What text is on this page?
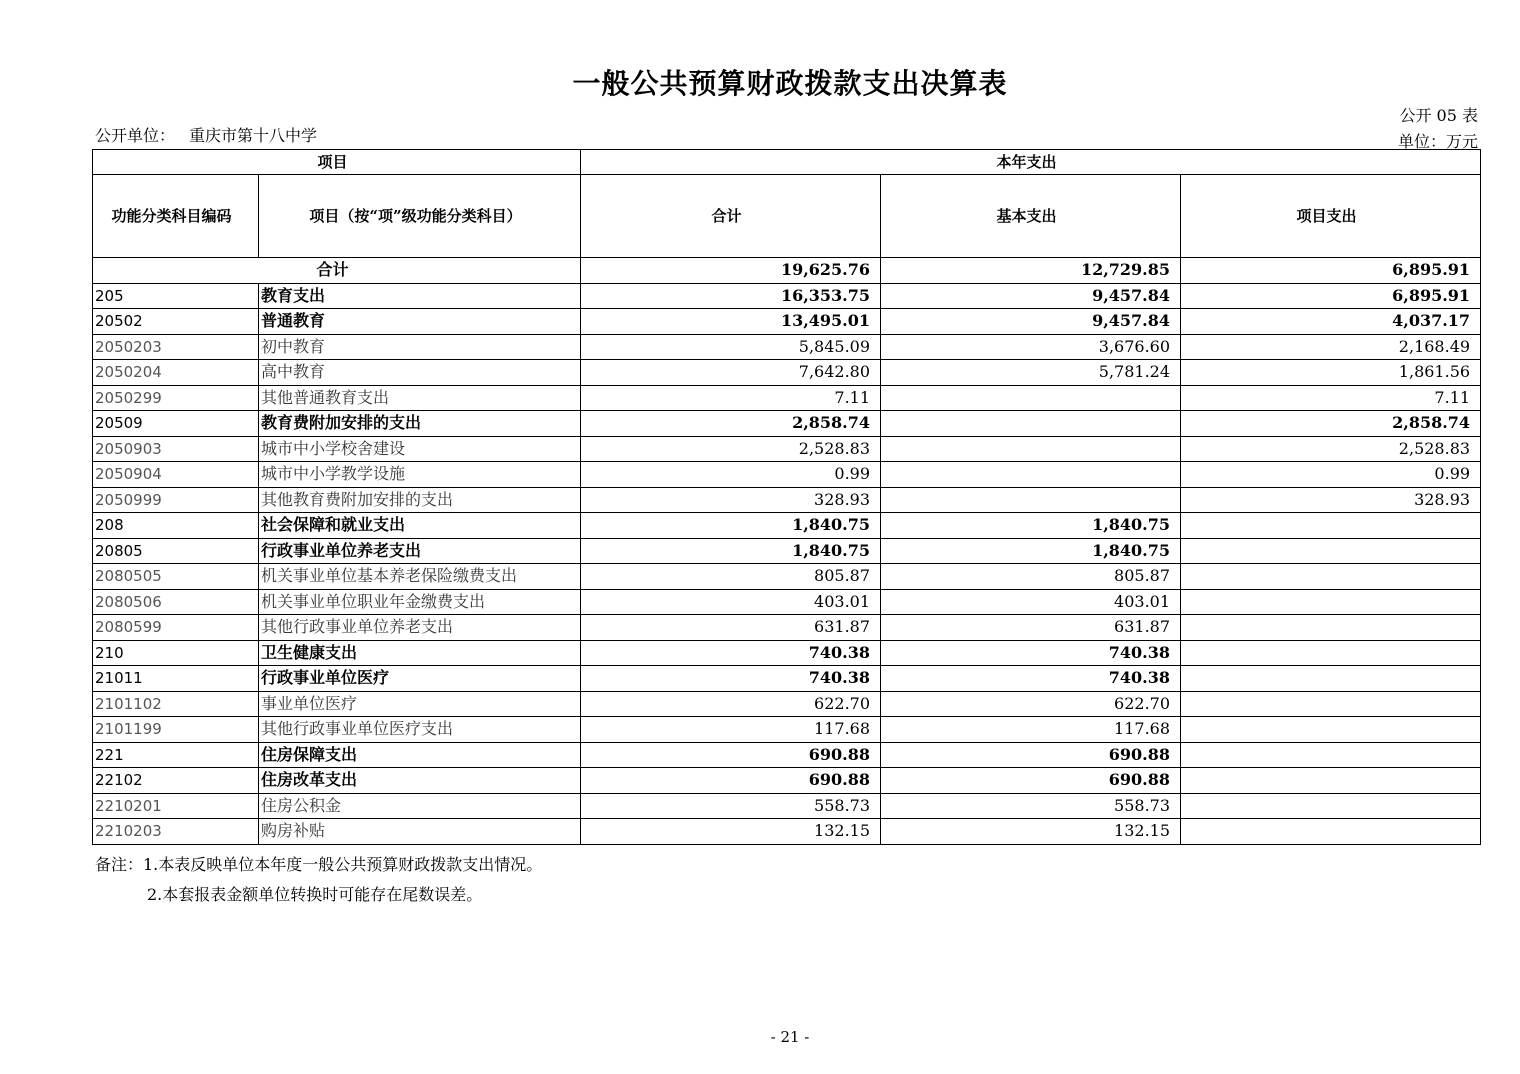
一般公共预算财政拨款支出决算表
公开单位： 重庆市第十八中学
公开 05 表
单位：万元
项目		本年支出		
功能分类科目编码	项目（按“项”级功能分类科目）	合计	基本支出	项目支出
合计		19,625.76	12,729.85	6,895.91
205	教育支出	16,353.75	9,457.84	6,895.91
20502	普通教育	13,495.01	9,457.84	4,037.17
2050203	初中教育	5,845.09	3,676.60	2,168.49
2050204	高中教育	7,642.80	5,781.24	1,861.56
2050299	其他普通教育支出	7.11		7.11
20509	教育费附加安排的支出	2,858.74		2,858.74
2050903	城市中小学校舍建设	2,528.83		2,528.83
2050904	城市中小学教学设施	0.99		0.99
2050999	其他教育费附加安排的支出	328.93		328.93
208	社会保障和就业支出	1,840.75	1,840.75	
20805	行政事业单位养老支出	1,840.75	1,840.75	
2080505	机关事业单位基本养老保险缴费支出	805.87	805.87	
2080506	机关事业单位职业年金缴费支出	403.01	403.01	
2080599	其他行政事业单位养老支出	631.87	631.87	
210	卫生健康支出	740.38	740.38	
21011	行政事业单位医疗	740.38	740.38	
2101102	事业单位医疗	622.70	622.70	
2101199	其他行政事业单位医疗支出	117.68	117.68	
221	住房保障支出	690.88	690.88	
22102	住房改革支出	690.88	690.88	
2210201	住房公积金	558.73	558.73	
2210203	购房补贴	132.15	132.15	
备注：1.本表反映单位本年度一般公共预算财政拨款支出情况。
2.本套报表金额单位转换时可能存在尾数误差。
- 21 -
